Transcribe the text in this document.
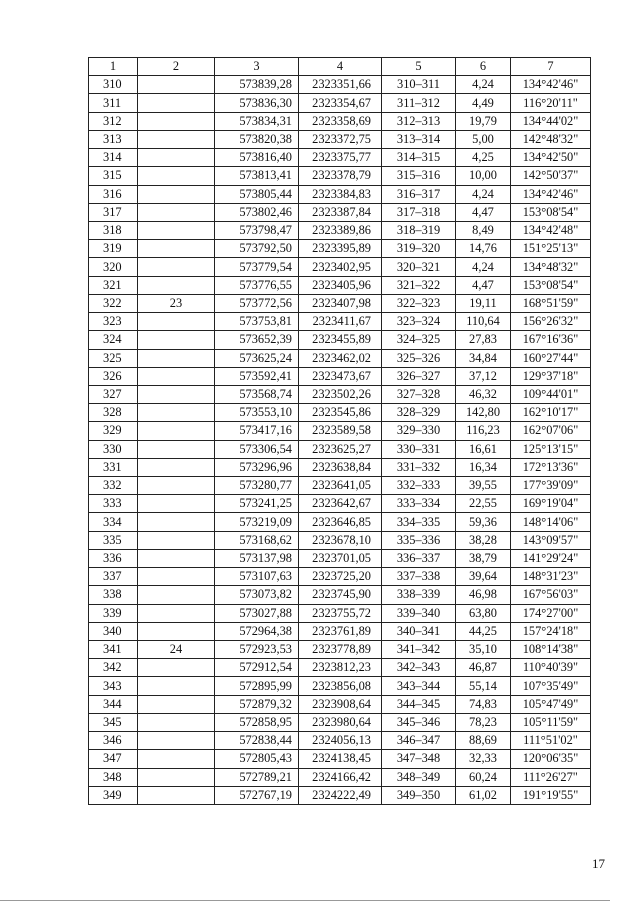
1	2	3	4	5	6	7
310		573839,28	2323351,66	310–311	4,24	134°42'46"
311		573836,30	2323354,67	311–312	4,49	116°20'11"
312		573834,31	2323358,69	312–313	19,79	134°44'02"
313		573820,38	2323372,75	313–314	5,00	142°48'32"
314		573816,40	2323375,77	314–315	4,25	134°42'50"
315		573813,41	2323378,79	315–316	10,00	142°50'37"
316		573805,44	2323384,83	316–317	4,24	134°42'46"
317		573802,46	2323387,84	317–318	4,47	153°08'54"
318		573798,47	2323389,86	318–319	8,49	134°42'48"
319		573792,50	2323395,89	319–320	14,76	151°25'13"
320		573779,54	2323402,95	320–321	4,24	134°48'32"
321		573776,55	2323405,96	321–322	4,47	153°08'54"
322	23	573772,56	2323407,98	322–323	19,11	168°51'59"
323		573753,81	2323411,67	323–324	110,64	156°26'32"
324		573652,39	2323455,89	324–325	27,83	167°16'36"
325		573625,24	2323462,02	325–326	34,84	160°27'44"
326		573592,41	2323473,67	326–327	37,12	129°37'18"
327		573568,74	2323502,26	327–328	46,32	109°44'01"
328		573553,10	2323545,86	328–329	142,80	162°10'17"
329		573417,16	2323589,58	329–330	116,23	162°07'06"
330		573306,54	2323625,27	330–331	16,61	125°13'15"
331		573296,96	2323638,84	331–332	16,34	172°13'36"
332		573280,77	2323641,05	332–333	39,55	177°39'09"
333		573241,25	2323642,67	333–334	22,55	169°19'04"
334		573219,09	2323646,85	334–335	59,36	148°14'06"
335		573168,62	2323678,10	335–336	38,28	143°09'57"
336		573137,98	2323701,05	336–337	38,79	141°29'24"
337		573107,63	2323725,20	337–338	39,64	148°31'23"
338		573073,82	2323745,90	338–339	46,98	167°56'03"
339		573027,88	2323755,72	339–340	63,80	174°27'00"
340		572964,38	2323761,89	340–341	44,25	157°24'18"
341	24	572923,53	2323778,89	341–342	35,10	108°14'38"
342		572912,54	2323812,23	342–343	46,87	110°40'39"
343		572895,99	2323856,08	343–344	55,14	107°35'49"
344		572879,32	2323908,64	344–345	74,83	105°47'49"
345		572858,95	2323980,64	345–346	78,23	105°11'59"
346		572838,44	2324056,13	346–347	88,69	111°51'02"
347		572805,43	2324138,45	347–348	32,33	120°06'35"
348		572789,21	2324166,42	348–349	60,24	111°26'27"
349		572767,19	2324222,49	349–350	61,02	191°19'55"
17
